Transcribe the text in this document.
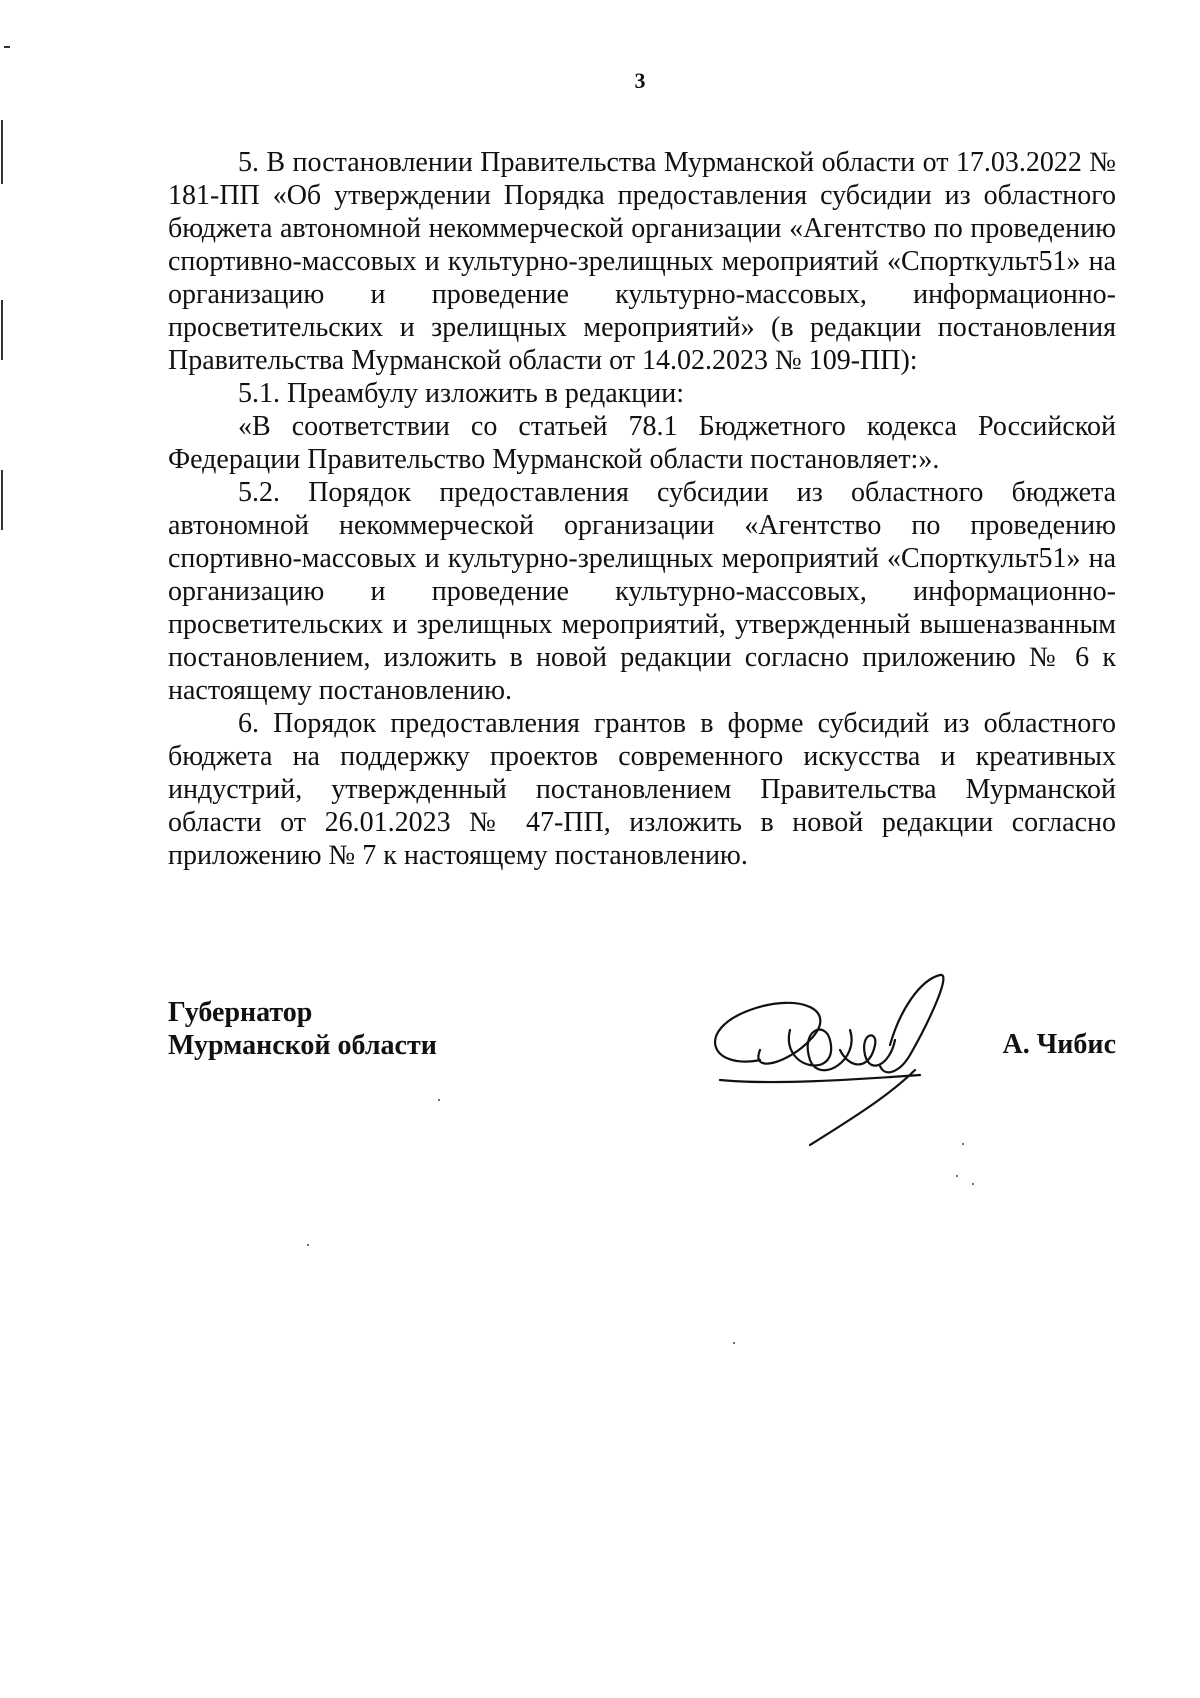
3

5. В постановлении Правительства Мурманской области от 17.03.2022 № 181-ПП «Об утверждении Порядка предоставления субсидии из областного бюджета автономной некоммерческой организации «Агентство по проведению спортивно-массовых и культурно-зрелищных мероприятий «Спорткульт51» на организацию и проведение культурно-массовых, информационно-просветительских и зрелищных мероприятий» (в редакции постановления Правительства Мурманской области от 14.02.2023 № 109-ПП):

5.1. Преамбулу изложить в редакции:

«В соответствии со статьей 78.1 Бюджетного кодекса Российской Федерации Правительство Мурманской области постановляет:».

5.2. Порядок предоставления субсидии из областного бюджета автономной некоммерческой организации «Агентство по проведению спортивно-массовых и культурно-зрелищных мероприятий «Спорткульт51» на организацию и проведение культурно-массовых, информационно-просветительских и зрелищных мероприятий, утвержденный вышеназванным постановлением, изложить в новой редакции согласно приложению № 6 к настоящему постановлению.

6. Порядок предоставления грантов в форме субсидий из областного бюджета на поддержку проектов современного искусства и креативных индустрий, утвержденный постановлением Правительства Мурманской области от 26.01.2023 № 47-ПП, изложить в новой редакции согласно приложению № 7 к настоящему постановлению.

Губернатор
Мурманской области	А. Чибис
